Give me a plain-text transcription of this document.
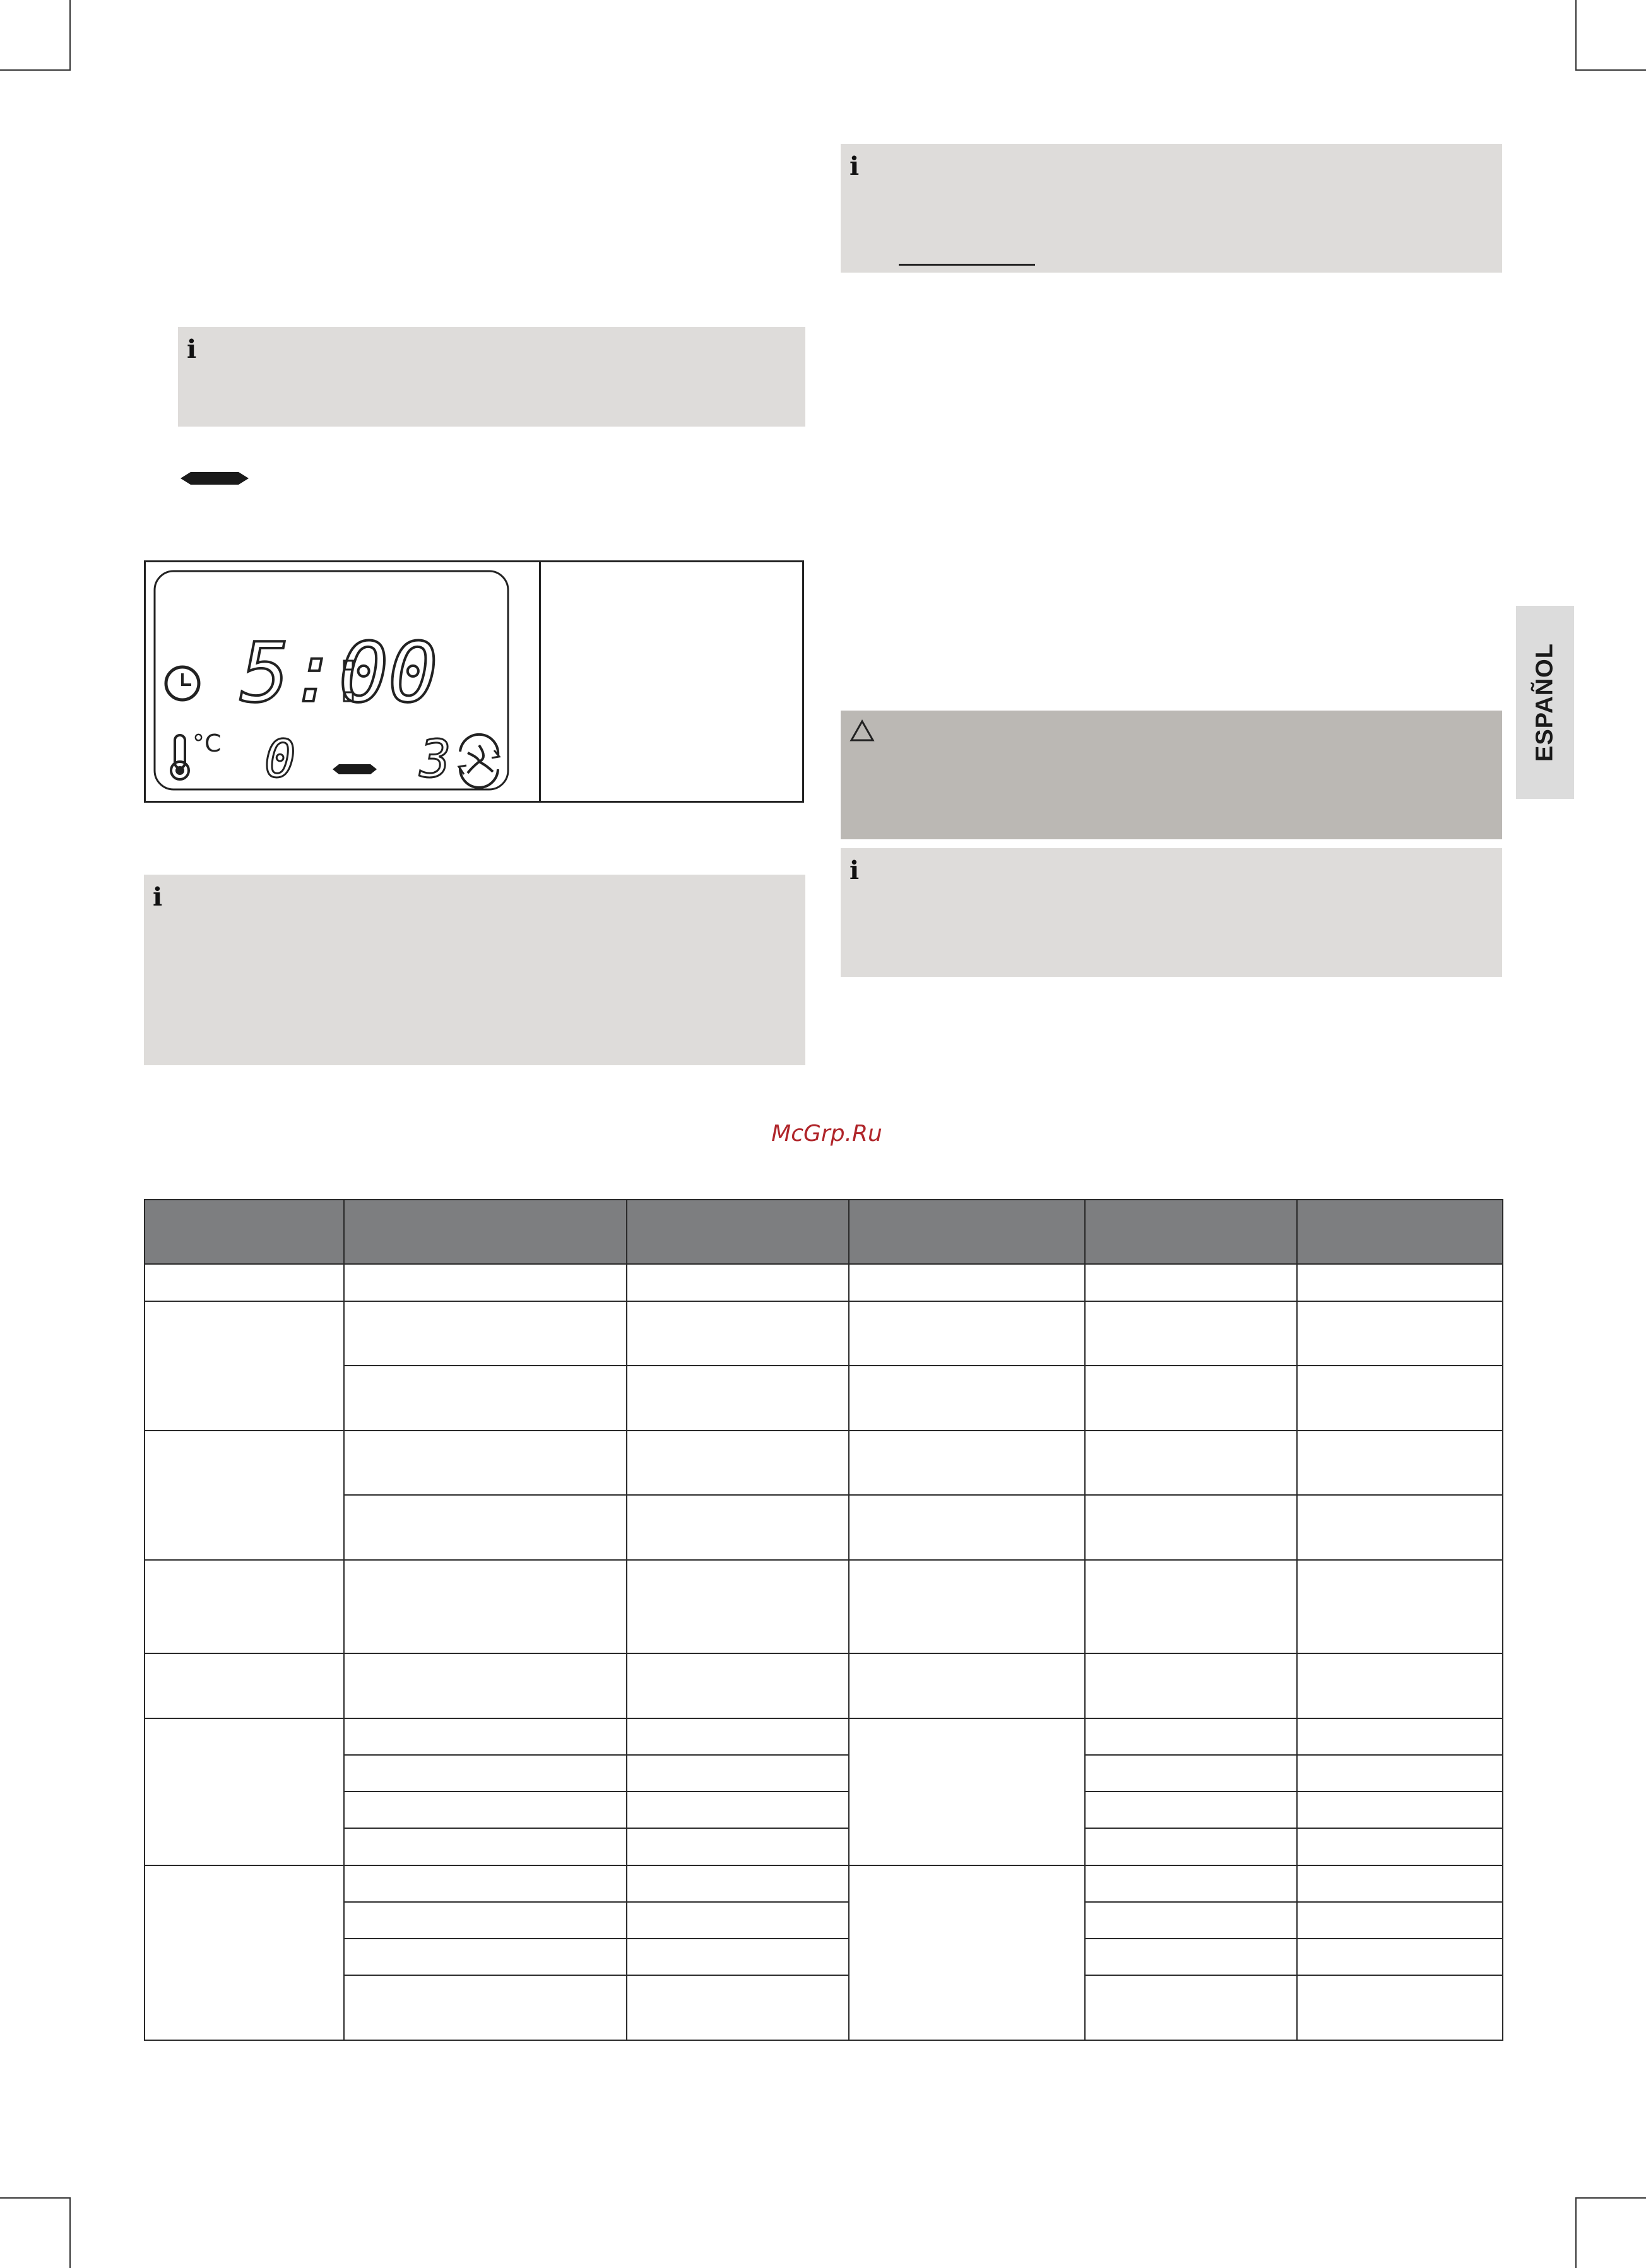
i
5:00
°C 0 3
i
i
i
ESPAÑOL
McGrp.Ru
